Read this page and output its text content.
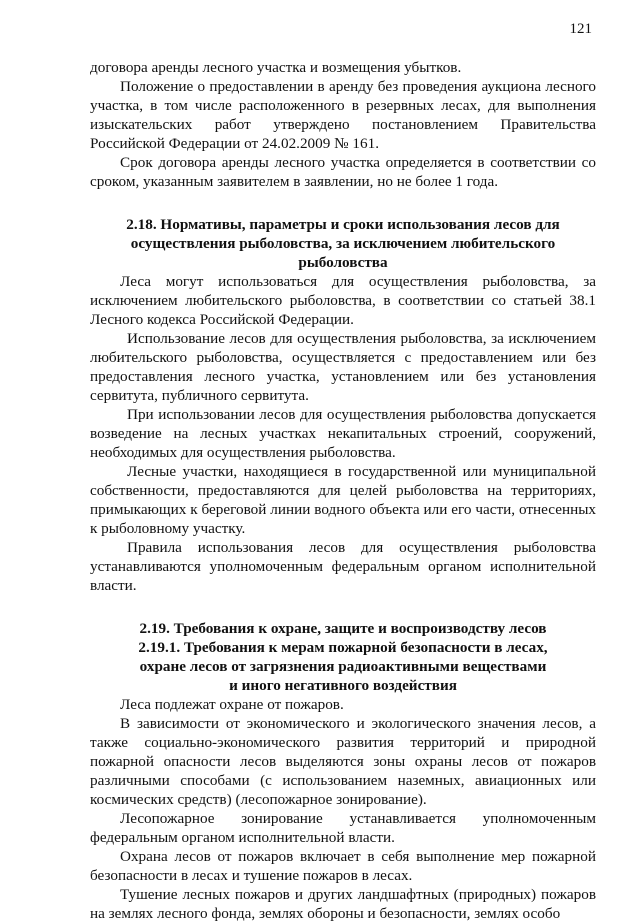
121

договора аренды лесного участка и возмещения убытков.

Положение о предоставлении в аренду без проведения аукциона лесного участка, в том числе расположенного в резервных лесах, для выполнения изыскательских работ утверждено постановлением Правительства Российской Федерации от 24.02.2009 № 161.

Срок договора аренды лесного участка определяется в соответствии со сроком, указанным заявителем в заявлении, но не более 1 года.

2.18. Нормативы, параметры и сроки использования лесов для
осуществления рыболовства, за исключением любительского
рыболовства

Леса могут использоваться для осуществления рыболовства, за исключением любительского рыболовства, в соответствии со статьей 38.1 Лесного кодекса Российской Федерации.

Использование лесов для осуществления рыболовства, за исключением любительского рыболовства, осуществляется с предоставлением или без предоставления лесного участка, установлением или без установления сервитута, публичного сервитута.

При использовании лесов для осуществления рыболовства допускается возведение на лесных участках некапитальных строений, сооружений, необходимых для осуществления рыболовства.

Лесные участки, находящиеся в государственной или муниципальной собственности, предоставляются для целей рыболовства на территориях, примыкающих к береговой линии водного объекта или его части, отнесенных к рыболовному участку.

Правила использования лесов для осуществления рыболовства устанавливаются уполномоченным федеральным органом исполнительной власти.

2.19. Требования к охране, защите и воспроизводству лесов
2.19.1. Требования к мерам пожарной безопасности в лесах,
охране лесов от загрязнения радиоактивными веществами
и иного негативного воздействия

Леса подлежат охране от пожаров.

В зависимости от экономического и экологического значения лесов, а также социально-экономического развития территорий и природной пожарной опасности лесов выделяются зоны охраны лесов от пожаров различными способами (с использованием наземных, авиационных или космических средств) (лесопожарное зонирование).

Лесопожарное зонирование устанавливается уполномоченным федеральным органом исполнительной власти.

Охрана лесов от пожаров включает в себя выполнение мер пожарной безопасности в лесах и тушение пожаров в лесах.

Тушение лесных пожаров и других ландшафтных (природных) пожаров на землях лесного фонда, землях обороны и безопасности, землях особо
